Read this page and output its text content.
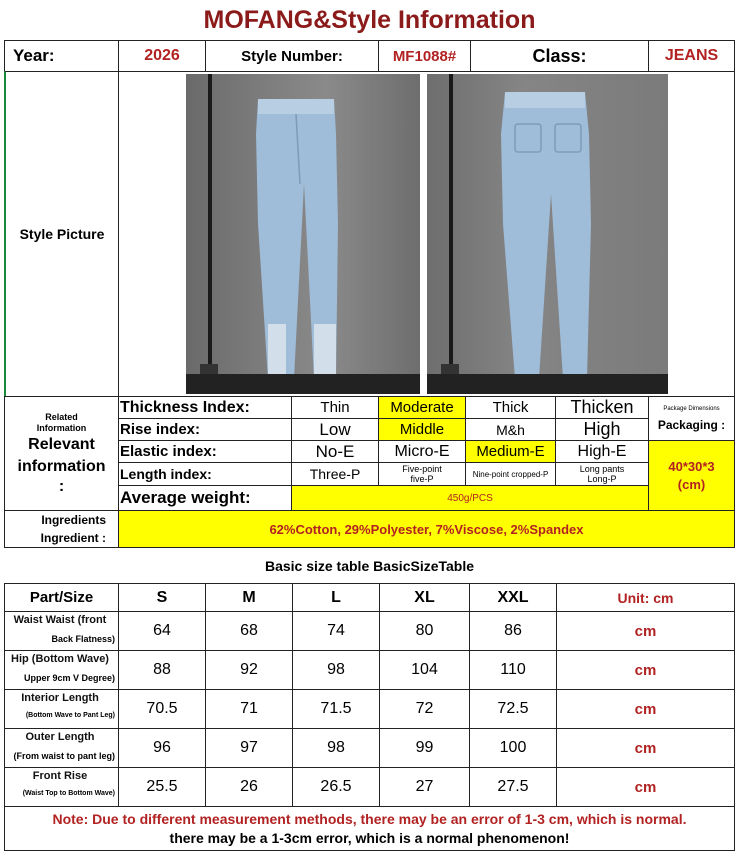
MOFANG&Style Information
Year:	2026	Style Number:	MF1088#	Class:	JEANS
Style Picture
Related Information
Relevant information
:
Thickness Index:	Thin	Moderate	Thick	Thicken
Rise index:	Low	Middle	M&h	High
Elastic index:	No-E	Micro-E	Medium-E	High-E
Length index:	Three-P	Five-point five-P	Nine-point cropped-P	Long pants Long-P
Average weight:	450g/PCS
Package Dimensions
Packaging :
40*30*3 (cm)
Ingredients
Ingredient :
62%Cotton, 29%Polyester, 7%Viscose, 2%Spandex
Basic size table BasicSizeTable
Part/Size	S	M	L	XL	XXL	Unit: cm
Waist Waist (front
Back Flatness)	64	68	74	80	86	cm
Hip (Bottom Wave)
Upper 9cm V Degree)	88	92	98	104	110	cm
Interior Length
(Bottom Wave to Pant Leg)	70.5	71	71.5	72	72.5	cm
Outer Length
(From waist to pant leg)	96	97	98	99	100	cm
Front Rise
(Waist Top to Bottom Wave)	25.5	26	26.5	27	27.5	cm
Note: Due to different measurement methods, there may be an error of 1-3 cm, which is normal.
there may be a 1-3cm error, which is a normal phenomenon!
